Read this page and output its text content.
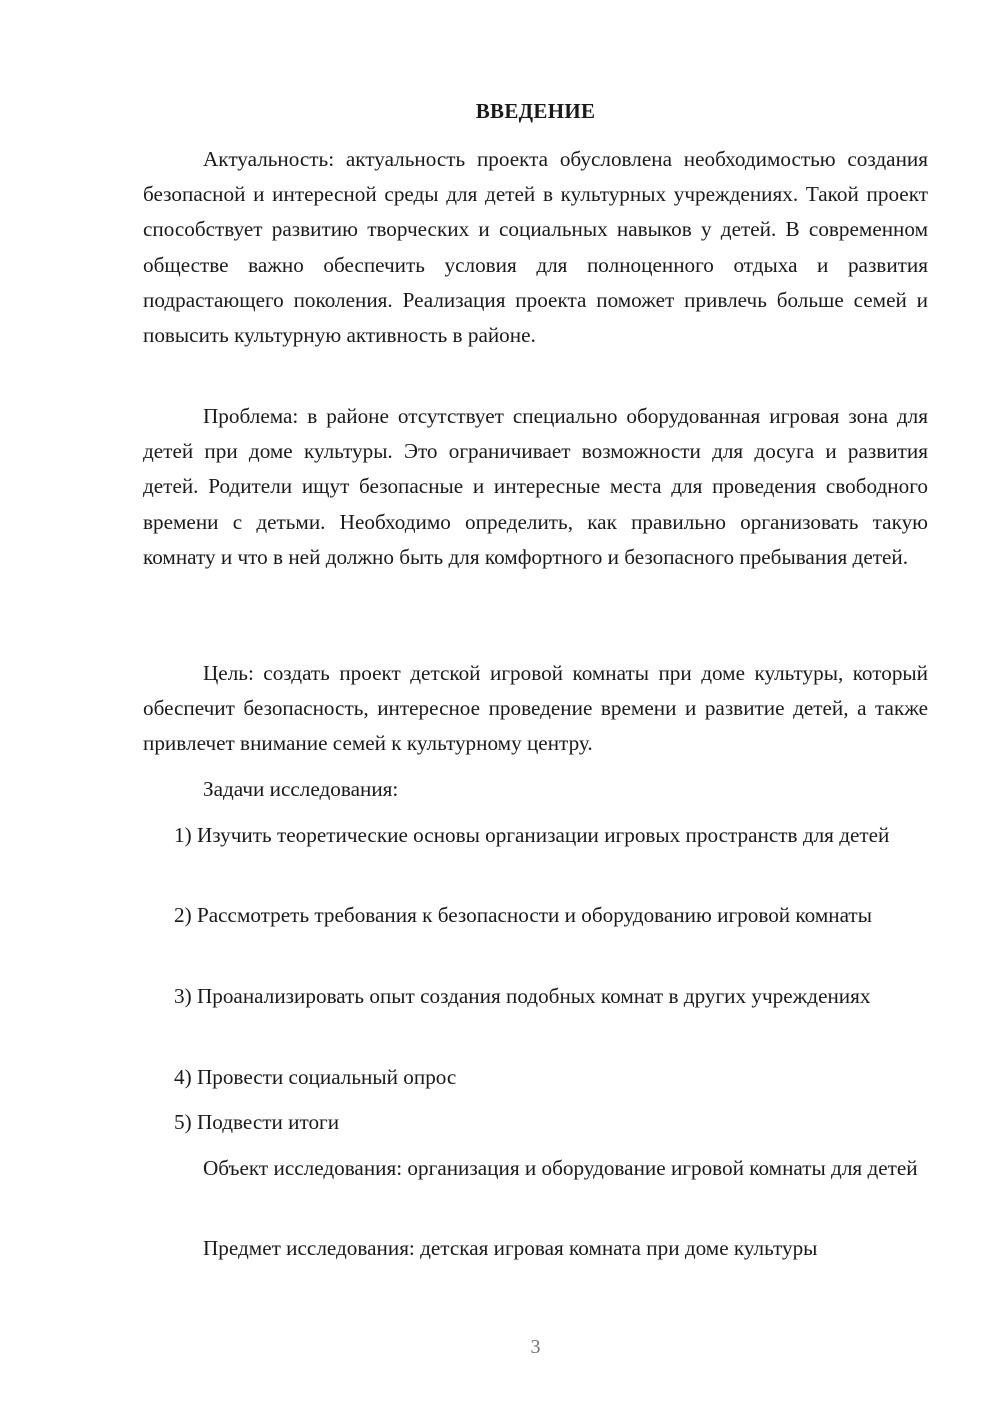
ВВЕДЕНИЕ

Актуальность: актуальность проекта обусловлена необходимостью создания безопасной и интересной среды для детей в культурных учреждениях. Такой проект способствует развитию творческих и социальных навыков у детей. В современном обществе важно обеспечить условия для полноценного отдыха и развития подрастающего поколения. Реализация проекта поможет привлечь больше семей и повысить культурную активность в районе.

Проблема: в районе отсутствует специально оборудованная игровая зона для детей при доме культуры. Это ограничивает возможности для досуга и развития детей. Родители ищут безопасные и интересные места для проведения свободного времени с детьми. Необходимо определить, как правильно организовать такую комнату и что в ней должно быть для комфортного и безопасного пребывания детей.

Цель: создать проект детской игровой комнаты при доме культуры, который обеспечит безопасность, интересное проведение времени и развитие детей, а также привлечет внимание семей к культурному центру.

Задачи исследования:

1) Изучить теоретические основы организации игровых пространств для детей

2) Рассмотреть требования к безопасности и оборудованию игровой комнаты

3) Проанализировать опыт создания подобных комнат в других учреждениях

4) Провести социальный опрос

5) Подвести итоги

Объект исследования: организация и оборудование игровой комнаты для детей

Предмет исследования: детская игровая комната при доме культуры

3
